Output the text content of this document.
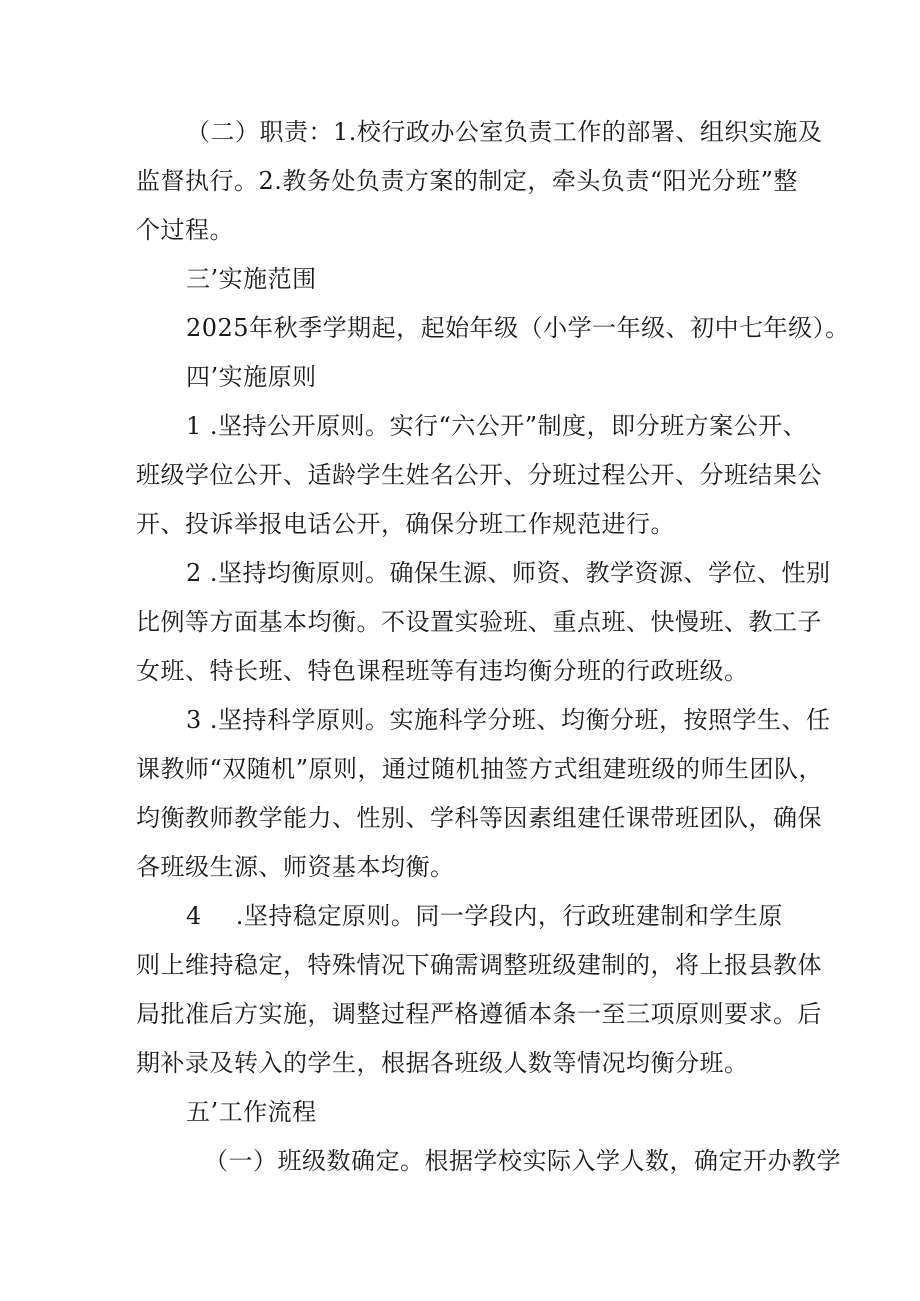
（二）职责：1.校行政办公室负责工作的部署、组织实施及
监督执行。2.教务处负责方案的制定，牵头负责“阳光分班”整
个过程。
三’实施范围
2025年秋季学期起，起始年级（小学一年级、初中七年级）。
四’实施原则
1 .坚持公开原则。实行“六公开”制度，即分班方案公开、
班级学位公开、适龄学生姓名公开、分班过程公开、分班结果公
开、投诉举报电话公开，确保分班工作规范进行。
2 .坚持均衡原则。确保生源、师资、教学资源、学位、性别
比例等方面基本均衡。不设置实验班、重点班、快慢班、教工子
女班、特长班、特色课程班等有违均衡分班的行政班级。
3 .坚持科学原则。实施科学分班、均衡分班，按照学生、任
课教师“双随机”原则，通过随机抽签方式组建班级的师生团队，
均衡教师教学能力、性别、学科等因素组建任课带班团队，确保
各班级生源、师资基本均衡。
4 .坚持稳定原则。同一学段内，行政班建制和学生原
则上维持稳定，特殊情况下确需调整班级建制的，将上报县教体
局批准后方实施，调整过程严格遵循本条一至三项原则要求。后
期补录及转入的学生，根据各班级人数等情况均衡分班。
五’工作流程
（一）班级数确定。根据学校实际入学人数，确定开办教学
